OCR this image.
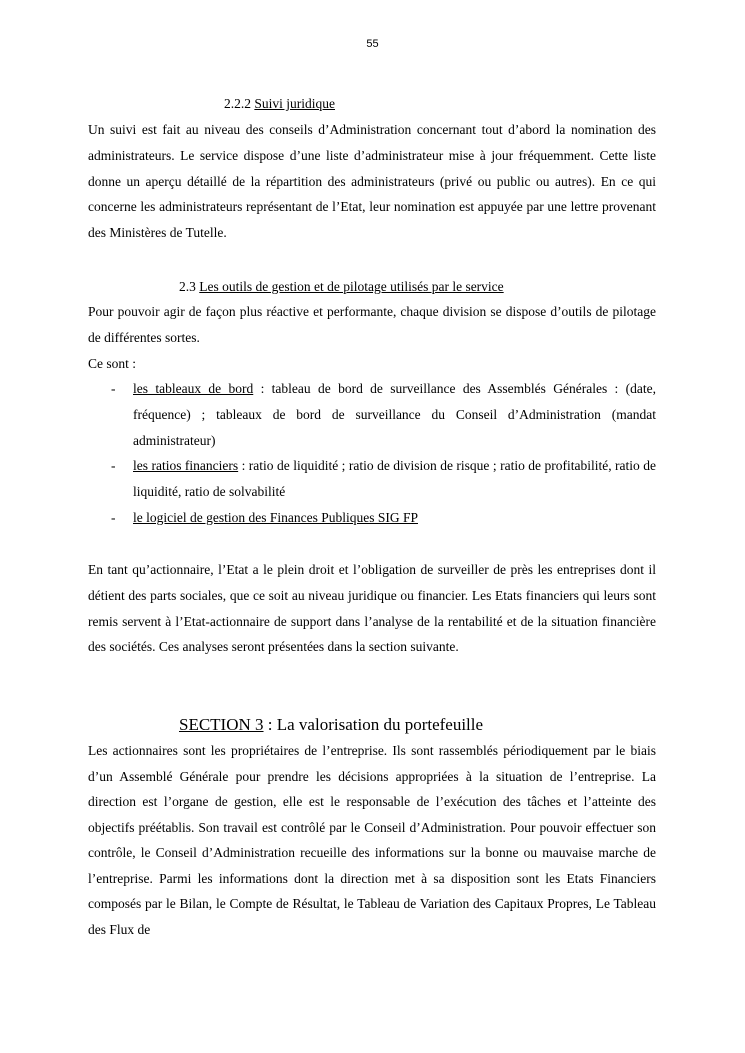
55
2.2.2 Suivi juridique

Un suivi est fait au niveau des conseils d’Administration concernant tout d’abord la nomination des administrateurs. Le service dispose d’une liste d’administrateur mise à jour fréquemment. Cette liste donne un aperçu détaillé de la répartition des administrateurs (privé ou public ou autres). En ce qui concerne les administrateurs représentant de l’Etat, leur nomination est appuyée par une lettre provenant des Ministères de Tutelle.

2.3 Les outils de gestion et de pilotage utilisés par le service

Pour pouvoir agir de façon plus réactive et performante, chaque division se dispose d’outils de pilotage de différentes sortes.

Ce sont :

- les tableaux de bord : tableau de bord de surveillance des Assemblés Générales : (date, fréquence) ; tableaux de bord de surveillance du Conseil d’Administration (mandat administrateur)
- les ratios financiers : ratio de liquidité ; ratio de division de risque ; ratio de profitabilité, ratio de liquidité, ratio de solvabilité
- le logiciel de gestion des Finances Publiques SIG FP

En tant qu’actionnaire, l’Etat a le plein droit et l’obligation de surveiller de près les entreprises dont il détient des parts sociales, que ce soit au niveau juridique ou financier. Les Etats financiers qui leurs sont remis servent à l’Etat-actionnaire de support dans l’analyse de la rentabilité et de la situation financière des sociétés. Ces analyses seront présentées dans la section suivante.

SECTION 3 : La valorisation du portefeuille

Les actionnaires sont les propriétaires de l’entreprise. Ils sont rassemblés périodiquement par le biais d’un Assemblé Générale pour prendre les décisions appropriées à la situation de l’entreprise. La direction est l’organe de gestion, elle est le responsable de l’exécution des tâches et l’atteinte des objectifs préétablis. Son travail est contrôlé par le Conseil d’Administration. Pour pouvoir effectuer son contrôle, le Conseil d’Administration recueille des informations sur la bonne ou mauvaise marche de l’entreprise. Parmi les informations dont la direction met à sa disposition sont les Etats Financiers composés par le Bilan, le Compte de Résultat, le Tableau de Variation des Capitaux Propres, Le Tableau des Flux de
